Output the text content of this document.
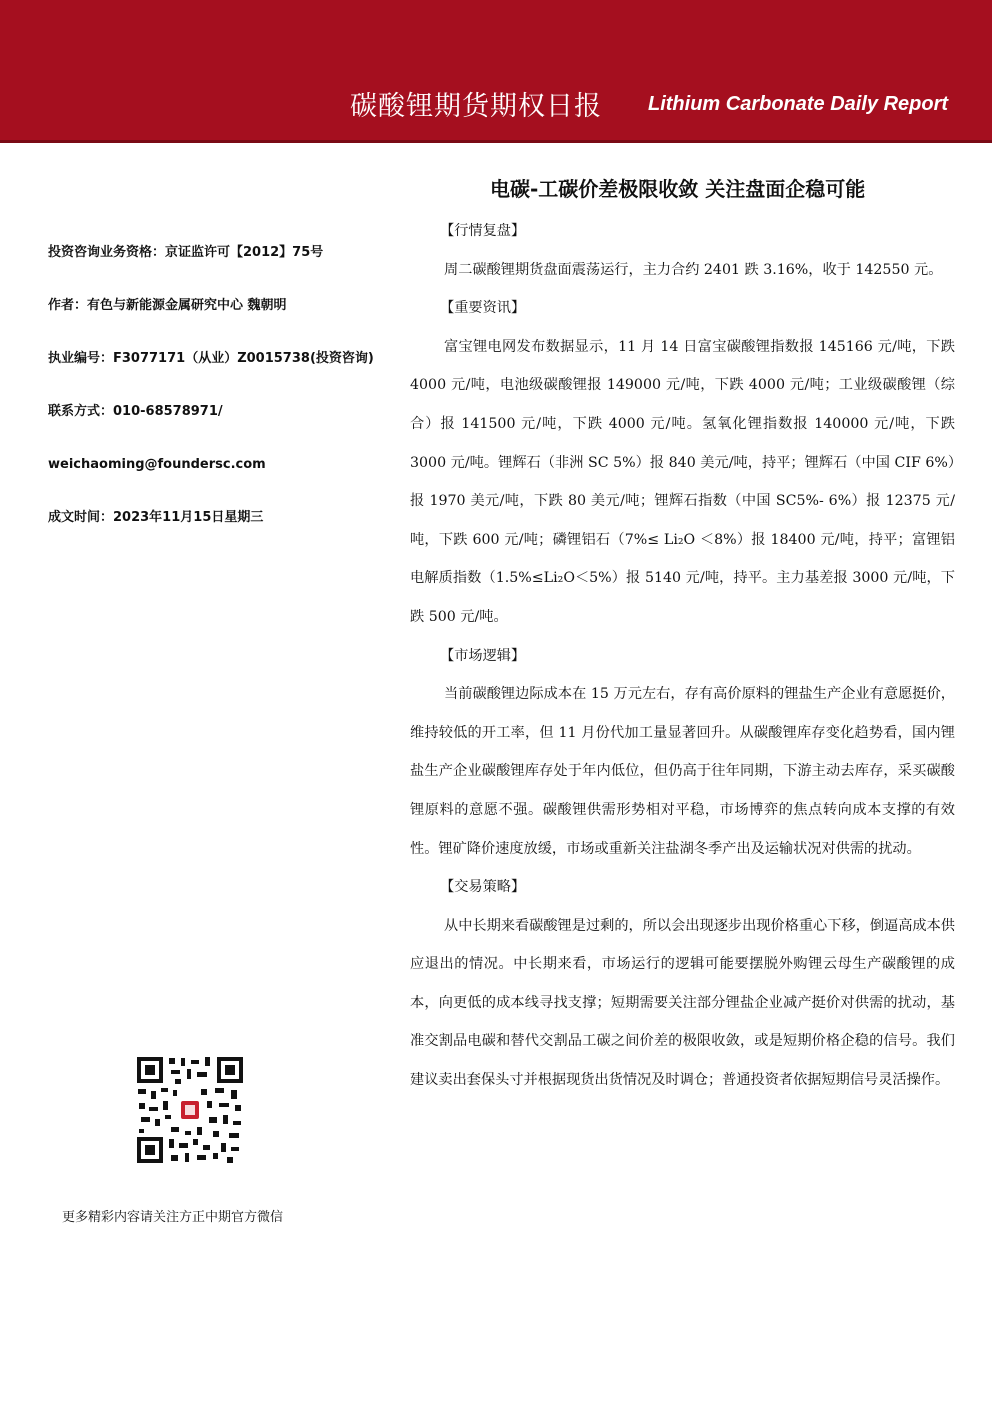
碳酸锂期货期权日报 Lithium Carbonate Daily Report
电碳-工碳价差极限收敛 关注盘面企稳可能
投资咨询业务资格：京证监许可【2012】75号
作者：有色与新能源金属研究中心 魏朝明
执业编号：F3077171（从业）Z0015738(投资咨询)
联系方式：010-68578971/
weichaoming@foundersc.com
成文时间：2023年11月15日星期三
更多精彩内容请关注方正中期官方微信
【行情复盘】

周二碳酸锂期货盘面震荡运行，主力合约 2401 跌 3.16%，收于 142550 元。

【重要资讯】

富宝锂电网发布数据显示，11 月 14 日富宝碳酸锂指数报 145166 元/吨，下跌 4000 元/吨，电池级碳酸锂报 149000 元/吨，下跌 4000 元/吨；工业级碳酸锂（综合）报 141500 元/吨，下跌 4000 元/吨。氢氧化锂指数报 140000 元/吨，下跌 3000 元/吨。锂辉石（非洲 SC 5%）报 840 美元/吨，持平；锂辉石（中国 CIF 6%）报 1970 美元/吨，下跌 80 美元/吨；锂辉石指数（中国 SC5%- 6%）报 12375 元/吨，下跌 600 元/吨；磷锂铝石（7%≤ Li₂O ＜8%）报 18400 元/吨，持平；富锂铝电解质指数（1.5%≤Li₂O＜5%）报 5140 元/吨，持平。主力基差报 3000 元/吨，下跌 500 元/吨。

【市场逻辑】

当前碳酸锂边际成本在 15 万元左右，存有高价原料的锂盐生产企业有意愿挺价，维持较低的开工率，但 11 月份代加工量显著回升。从碳酸锂库存变化趋势看，国内锂盐生产企业碳酸锂库存处于年内低位，但仍高于往年同期，下游主动去库存，采买碳酸锂原料的意愿不强。碳酸锂供需形势相对平稳，市场博弈的焦点转向成本支撑的有效性。锂矿降价速度放缓，市场或重新关注盐湖冬季产出及运输状况对供需的扰动。

【交易策略】

从中长期来看碳酸锂是过剩的，所以会出现逐步出现价格重心下移，倒逼高成本供应退出的情况。中长期来看，市场运行的逻辑可能要摆脱外购锂云母生产碳酸锂的成本，向更低的成本线寻找支撑；短期需要关注部分锂盐企业减产挺价对供需的扰动，基准交割品电碳和替代交割品工碳之间价差的极限收敛，或是短期价格企稳的信号。我们建议卖出套保头寸并根据现货出货情况及时调仓；普通投资者依据短期信号灵活操作。
